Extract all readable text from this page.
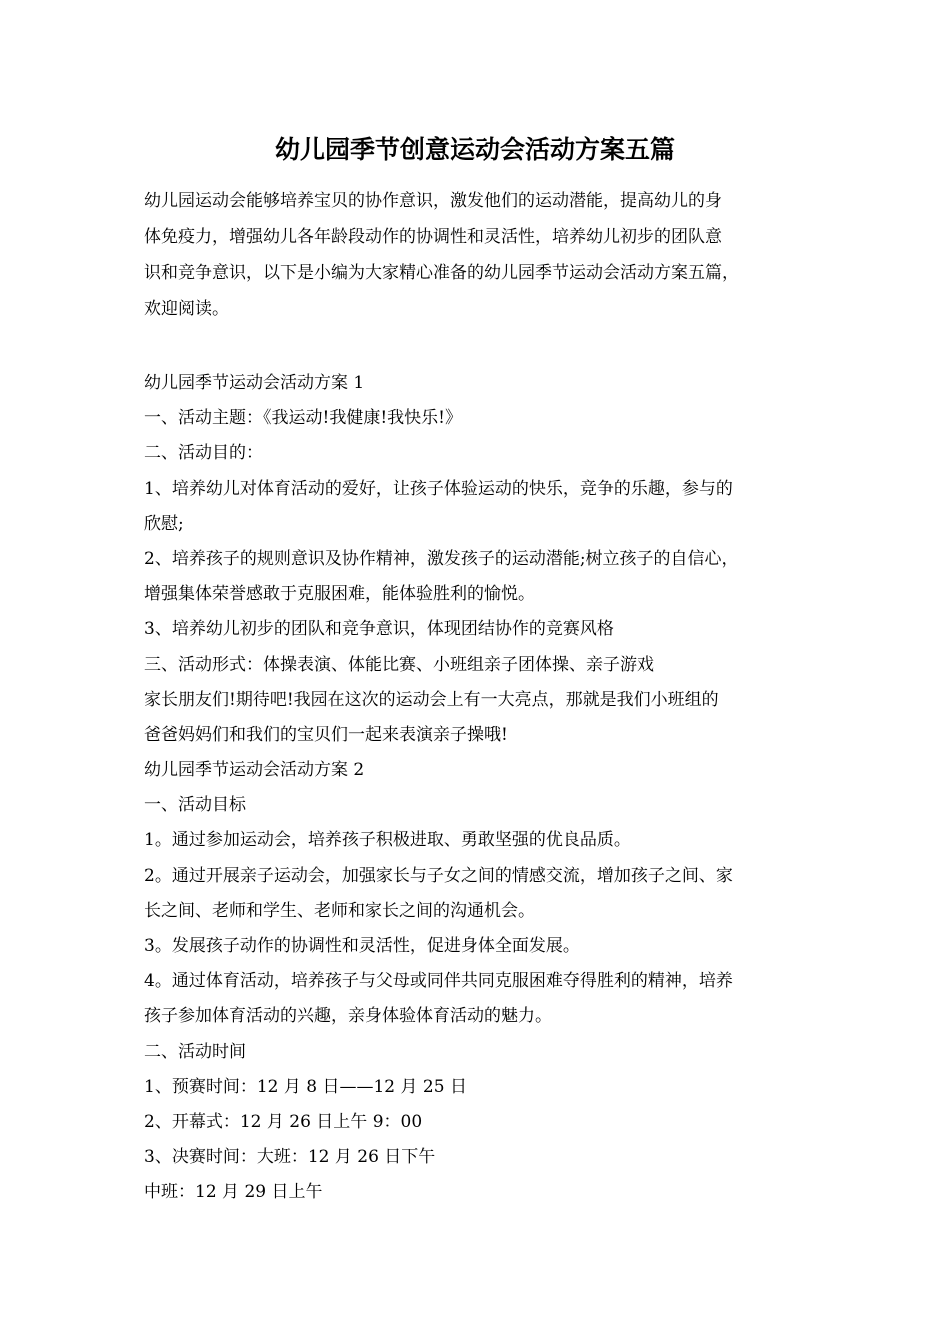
幼儿园季节创意运动会活动方案五篇
幼儿园运动会能够培养宝贝的协作意识，激发他们的运动潜能，提高幼儿的身
体免疫力，增强幼儿各年龄段动作的协调性和灵活性，培养幼儿初步的团队意
识和竞争意识，以下是小编为大家精心准备的幼儿园季节运动会活动方案五篇，
欢迎阅读。
幼儿园季节运动会活动方案 1
一、活动主题：《我运动!我健康!我快乐!》
二、活动目的：
1、培养幼儿对体育活动的爱好，让孩子体验运动的快乐，竞争的乐趣，参与的
欣慰;
2、培养孩子的规则意识及协作精神，激发孩子的运动潜能;树立孩子的自信心，
增强集体荣誉感敢于克服困难，能体验胜利的愉悦。
3、培养幼儿初步的团队和竞争意识，体现团结协作的竞赛风格
三、活动形式：体操表演、体能比赛、小班组亲子团体操、亲子游戏
家长朋友们!期待吧!我园在这次的运动会上有一大亮点，那就是我们小班组的
爸爸妈妈们和我们的宝贝们一起来表演亲子操哦!
幼儿园季节运动会活动方案 2
一、活动目标
1。通过参加运动会，培养孩子积极进取、勇敢坚强的优良品质。
2。通过开展亲子运动会，加强家长与子女之间的情感交流，增加孩子之间、家
长之间、老师和学生、老师和家长之间的沟通机会。
3。发展孩子动作的协调性和灵活性，促进身体全面发展。
4。通过体育活动，培养孩子与父母或同伴共同克服困难夺得胜利的精神，培养
孩子参加体育活动的兴趣，亲身体验体育活动的魅力。
二、活动时间
1、预赛时间：12 月 8 日——12 月 25 日
2、开幕式：12 月 26 日上午 9：00
3、决赛时间：大班：12 月 26 日下午
中班：12 月 29 日上午
